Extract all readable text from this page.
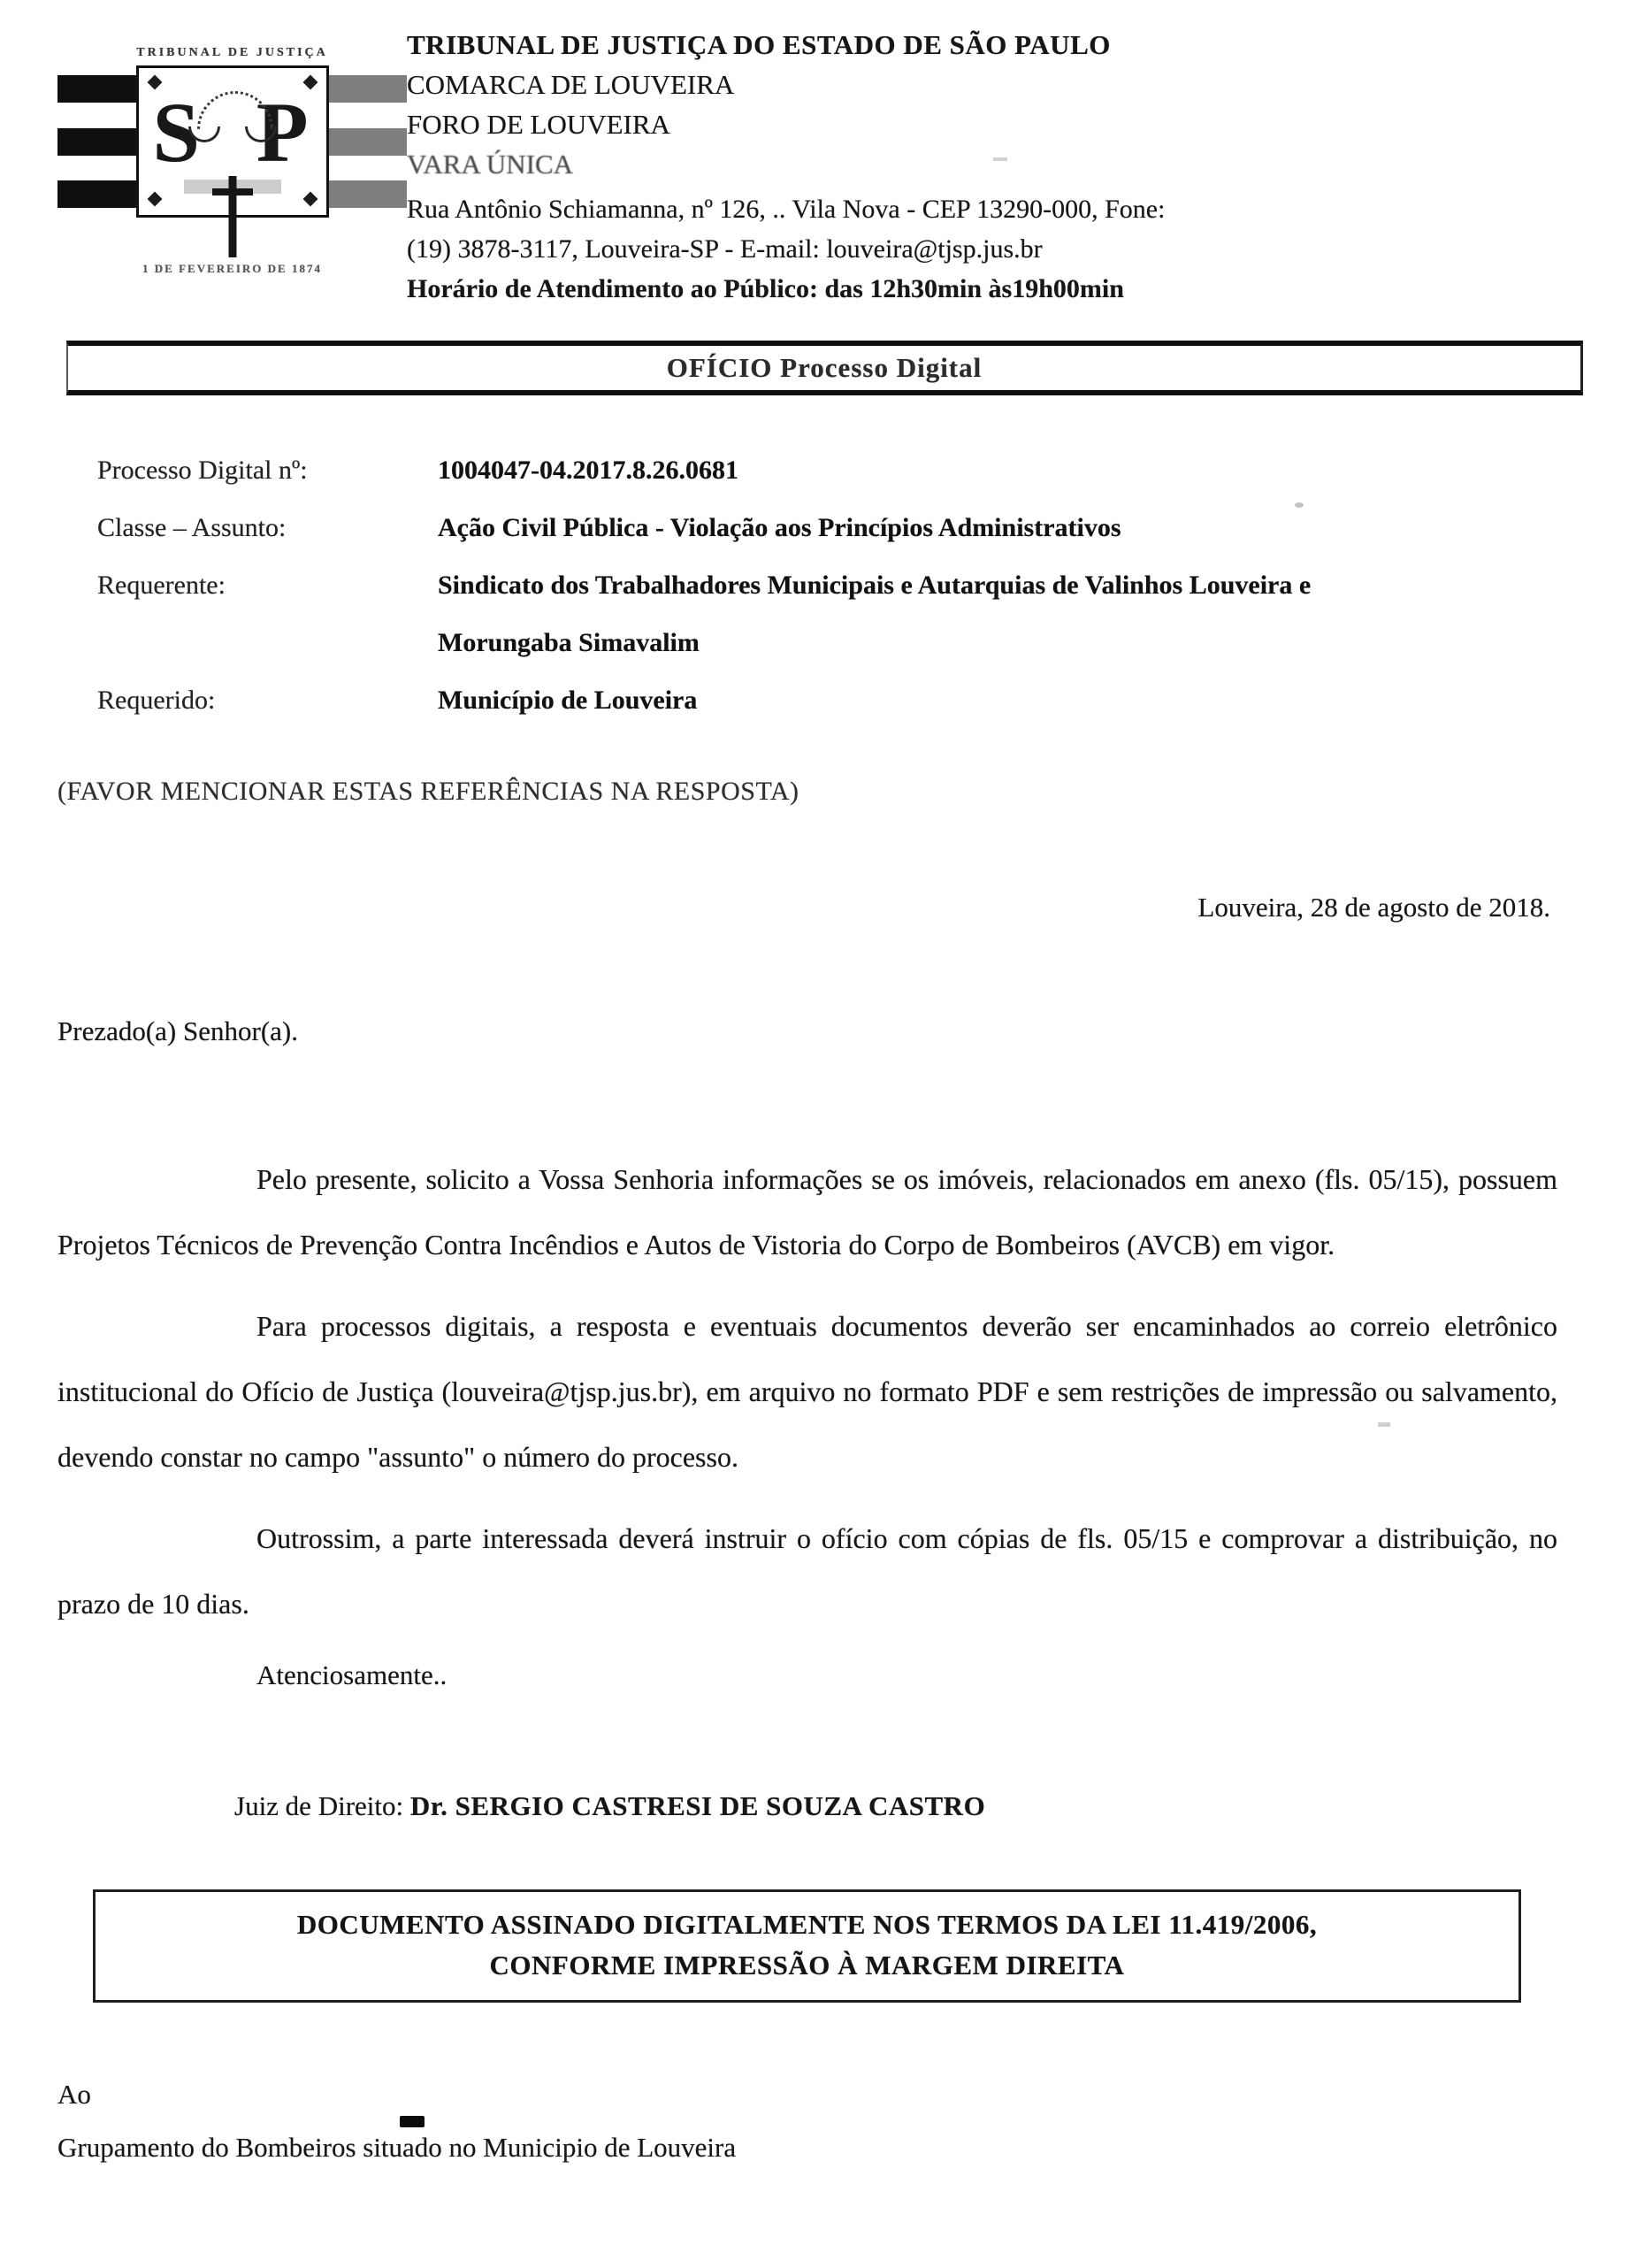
TRIBUNAL DE JUSTIÇA
S P
1 DE FEVEREIRO DE 1874
TRIBUNAL DE JUSTIÇA DO ESTADO DE SÃO PAULO
COMARCA DE LOUVEIRA
FORO DE LOUVEIRA
VARA ÚNICA
Rua Antônio Schiamanna, nº 126, .. Vila Nova - CEP 13290-000, Fone:
(19) 3878-3117, Louveira-SP - E-mail: louveira@tjsp.jus.br
Horário de Atendimento ao Público: das 12h30min às19h00min
OFÍCIO Processo Digital
Processo Digital nº:	1004047-04.2017.8.26.0681
Classe – Assunto:	Ação Civil Pública - Violação aos Princípios Administrativos
Requerente:	Sindicato dos Trabalhadores Municipais e Autarquias de Valinhos Louveira e Morungaba Simavalim
Requerido:	Município de Louveira
(FAVOR MENCIONAR ESTAS REFERÊNCIAS NA RESPOSTA)
Louveira, 28 de agosto de 2018.
Prezado(a) Senhor(a).

Pelo presente, solicito a Vossa Senhoria informações se os imóveis, relacionados em anexo (fls. 05/15), possuem Projetos Técnicos de Prevenção Contra Incêndios e Autos de Vistoria do Corpo de Bombeiros (AVCB) em vigor.

Para processos digitais, a resposta e eventuais documentos deverão ser encaminhados ao correio eletrônico institucional do Ofício de Justiça (louveira@tjsp.jus.br), em arquivo no formato PDF e sem restrições de impressão ou salvamento, devendo constar no campo "assunto" o número do processo.

Outrossim, a parte interessada deverá instruir o ofício com cópias de fls. 05/15 e comprovar a distribuição, no prazo de 10 dias.

Atenciosamente..
Juiz de Direito: Dr. SERGIO CASTRESI DE SOUZA CASTRO
DOCUMENTO ASSINADO DIGITALMENTE NOS TERMOS DA LEI 11.419/2006,
CONFORME IMPRESSÃO À MARGEM DIREITA
Ao
Grupamento do Bombeiros situado no Municipio de Louveira
